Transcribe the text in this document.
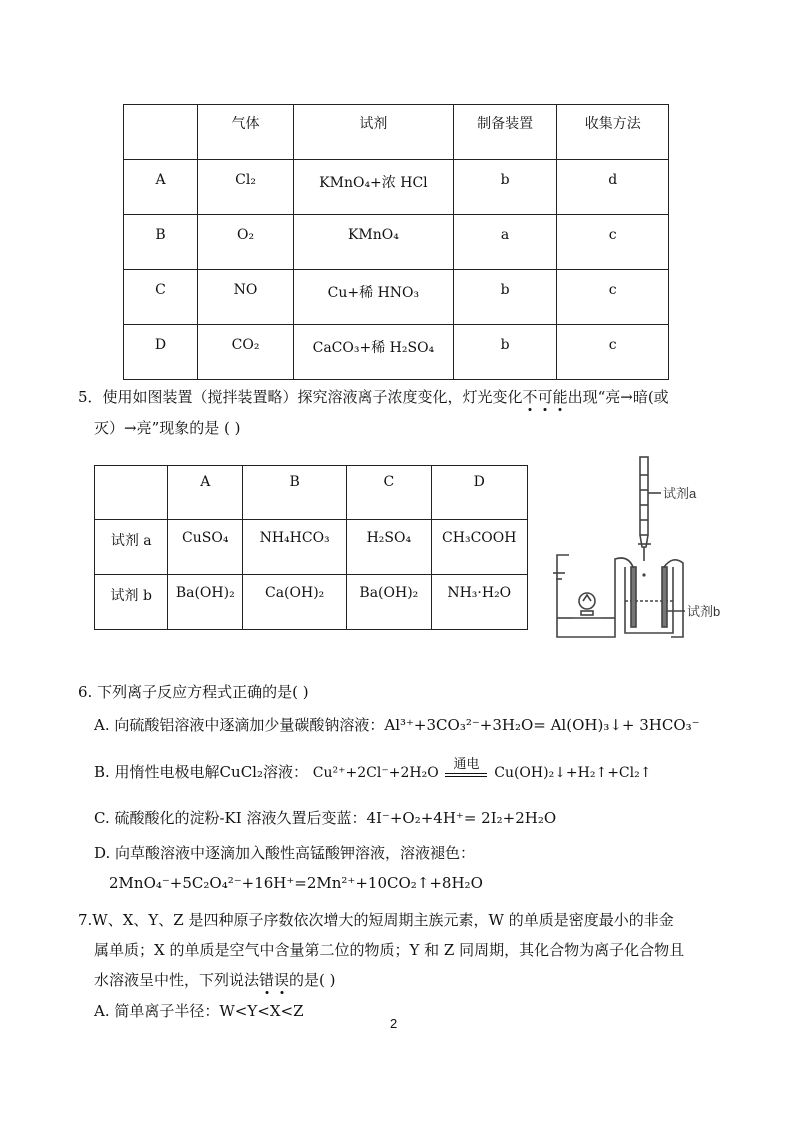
	气体	试剂	制备装置	收集方法
A	Cl₂	KMnO₄+浓 HCl	b	d
B	O₂	KMnO₄	a	c
C	NO	Cu+稀 HNO₃	b	c
D	CO₂	CaCO₃+稀 H₂SO₄	b	c
5．使用如图装置（搅拌装置略）探究溶液离子浓度变化，灯光变化不可能出现“亮→暗(或
灭）→亮”现象的是 ( )
	A	B	C	D
试剂 a	CuSO₄	NH₄HCO₃	H₂SO₄	CH₃COOH
试剂 b	Ba(OH)₂	Ca(OH)₂	Ba(OH)₂	NH₃·H₂O
试剂a
试剂b
6. 下列离子反应方程式正确的是( )
A. 向硫酸铝溶液中逐滴加少量碳酸钠溶液：Al³⁺+3CO₃²⁻+3H₂O= Al(OH)₃↓+ 3HCO₃⁻
B. 用惰性电极电解CuCl₂溶液： Cu²⁺+2Cl⁻+2H₂O
通电
Cu(OH)₂↓+H₂↑+Cl₂↑
C. 硫酸酸化的淀粉-KI 溶液久置后变蓝：4I⁻+O₂+4H⁺= 2I₂+2H₂O
D. 向草酸溶液中逐滴加入酸性高锰酸钾溶液，溶液褪色：
2MnO₄⁻+5C₂O₄²⁻+16H⁺=2Mn²⁺+10CO₂↑+8H₂O
7.W、X、Y、Z 是四种原子序数依次增大的短周期主族元素，W 的单质是密度最小的非金
属单质；X 的单质是空气中含量第二位的物质；Y 和 Z 同周期，其化合物为离子化合物且
水溶液呈中性，下列说法错误的是( )
A. 简单离子半径：W<Y<X<Z
2
